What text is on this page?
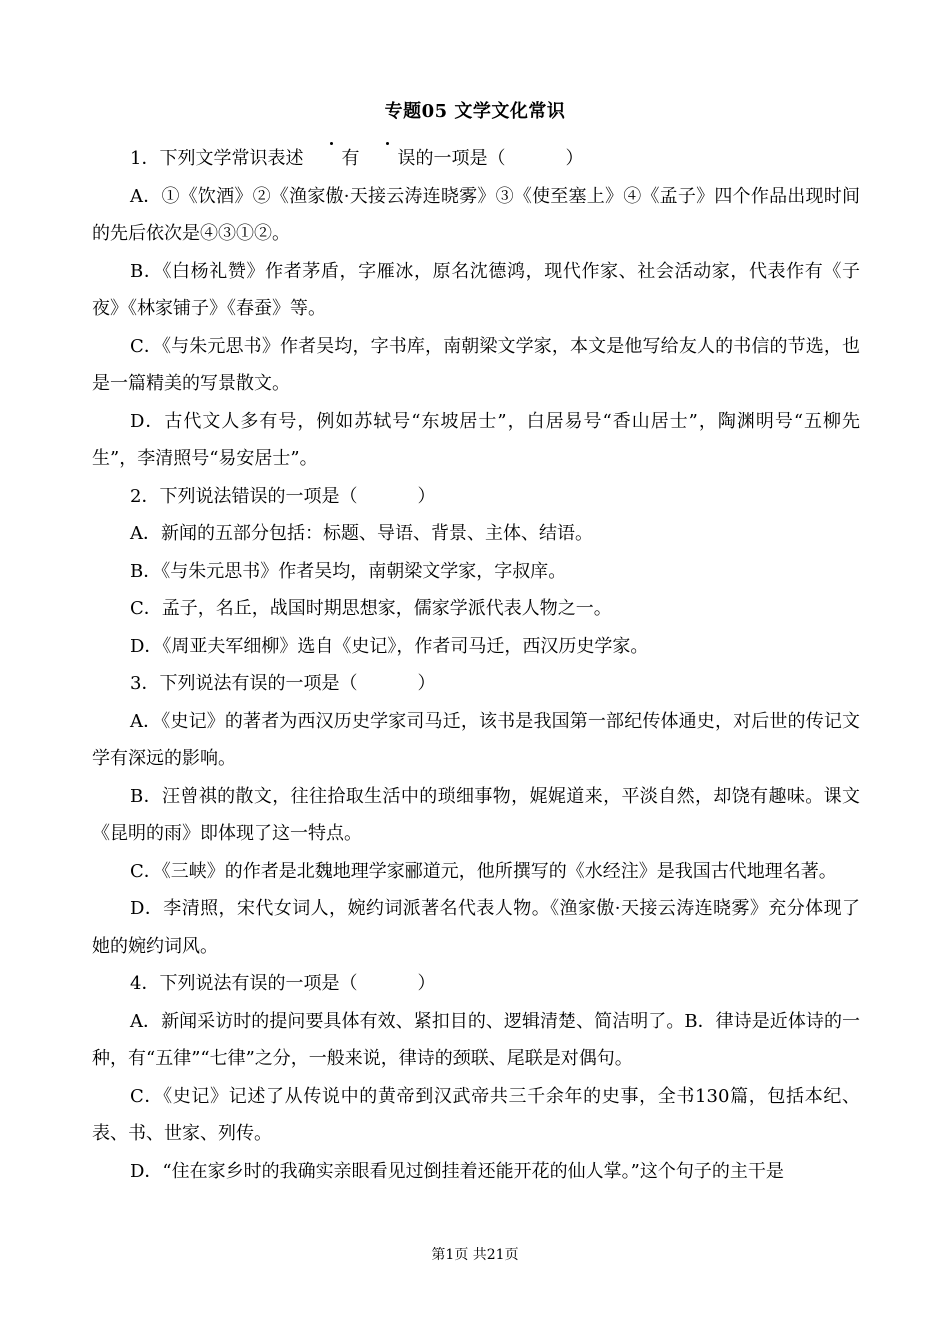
专题05 文学文化常识

1．下列文学常识表述 有 误的一项是（	）

A．①《饮酒》②《渔家傲·天接云涛连晓雾》③《使至塞上》④《孟子》四个作品出现时间的先后依次是④③①②。

B．《白杨礼赞》作者茅盾，字雁冰，原名沈德鸿，现代作家、社会活动家，代表作有《子夜》《林家铺子》《春蚕》等。

C．《与朱元思书》作者吴均，字书库，南朝梁文学家，本文是他写给友人的书信的节选，也是一篇精美的写景散文。

D．古代文人多有号，例如苏轼号“东坡居士”，白居易号“香山居士”，陶渊明号“五柳先生”，李清照号“易安居士”。

2．下列说法错误的一项是（	）

A．新闻的五部分包括：标题、导语、背景、主体、结语。

B．《与朱元思书》作者吴均，南朝梁文学家，字叔庠。

C．孟子，名丘，战国时期思想家，儒家学派代表人物之一。

D．《周亚夫军细柳》选自《史记》，作者司马迁，西汉历史学家。

3．下列说法有误的一项是（	）

A．《史记》的著者为西汉历史学家司马迁，该书是我国第一部纪传体通史，对后世的传记文学有深远的影响。

B．汪曾祺的散文，往往拾取生活中的琐细事物，娓娓道来，平淡自然，却饶有趣味。课文《昆明的雨》即体现了这一特点。

C．《三峡》的作者是北魏地理学家郦道元，他所撰写的《水经注》是我国古代地理名著。

D．李清照，宋代女词人，婉约词派著名代表人物。《渔家傲·天接云涛连晓雾》充分体现了她的婉约词风。

4．下列说法有误的一项是（	）

A．新闻采访时的提问要具体有效、紧扣目的、逻辑清楚、简洁明了。B．律诗是近体诗的一种，有“五律”“七律”之分，一般来说，律诗的颈联、尾联是对偶句。

C．《史记》记述了从传说中的黄帝到汉武帝共三千余年的史事，全书130篇，包括本纪、表、书、世家、列传。

D．“住在家乡时的我确实亲眼看见过倒挂着还能开花的仙人掌。”这个句子的主干是

第1页 共21页
